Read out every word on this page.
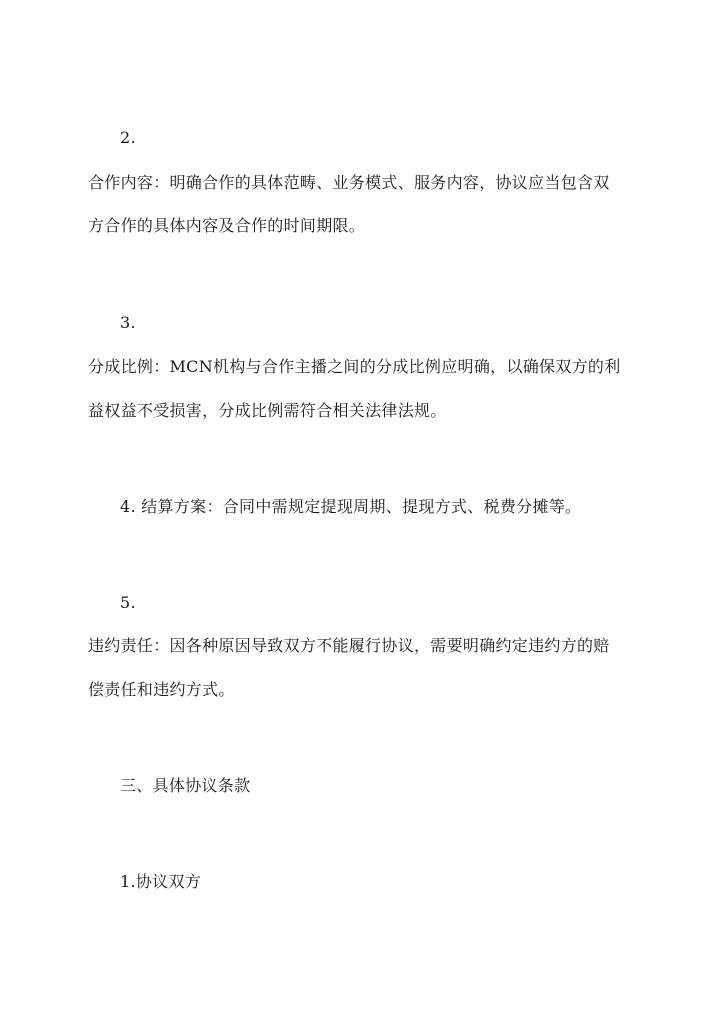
2.
合作内容：明确合作的具体范畴、业务模式、服务内容，协议应当包含双
方合作的具体内容及合作的时间期限。
3.
分成比例：MCN机构与合作主播之间的分成比例应明确，以确保双方的利
益权益不受损害，分成比例需符合相关法律法规。
4. 结算方案：合同中需规定提现周期、提现方式、税费分摊等。
5.
违约责任：因各种原因导致双方不能履行协议，需要明确约定违约方的赔
偿责任和违约方式。
三、具体协议条款
1.协议双方
